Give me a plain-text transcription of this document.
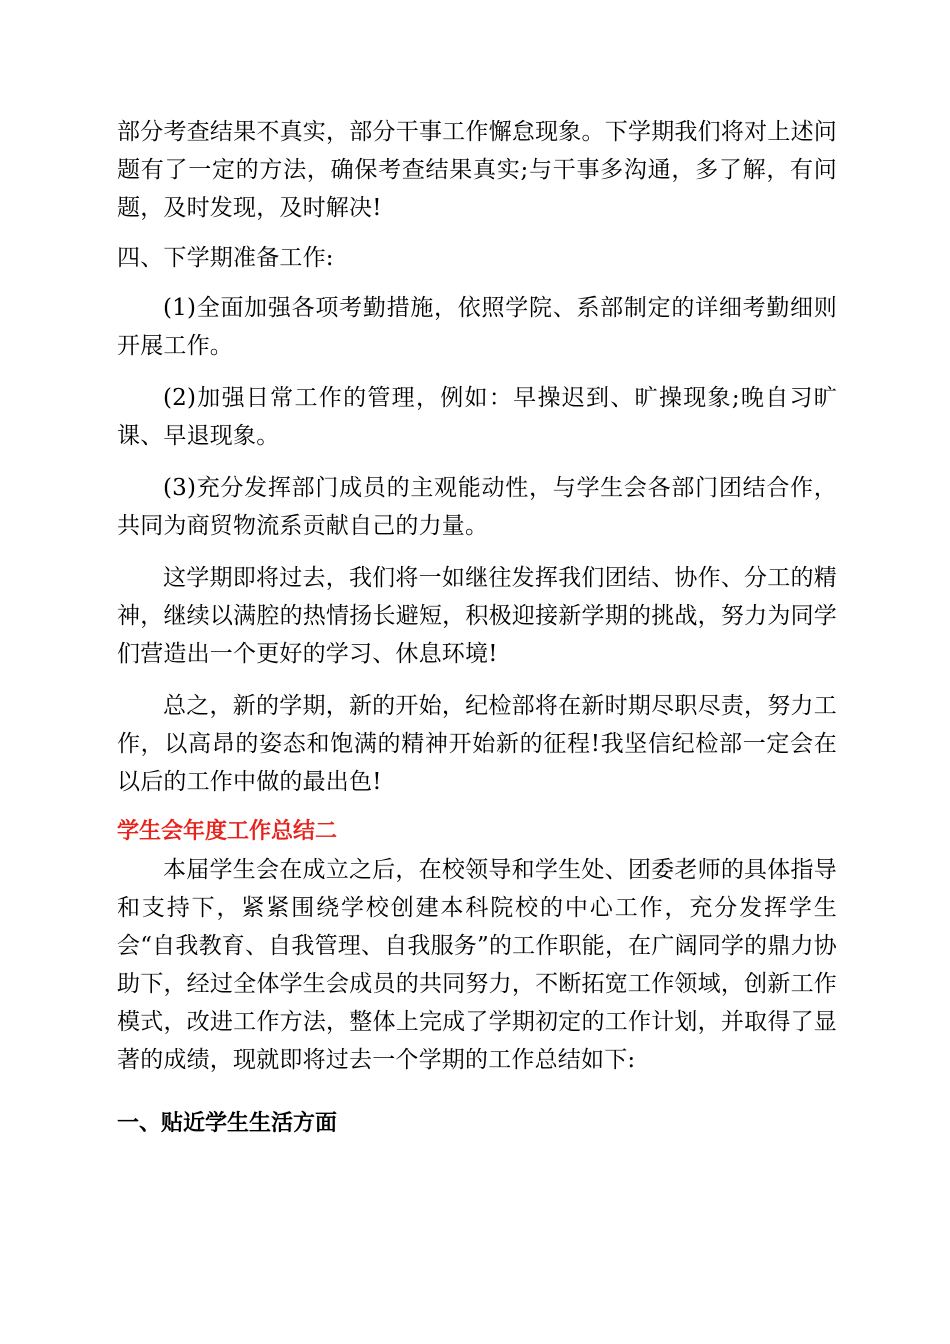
部分考查结果不真实，部分干事工作懈怠现象。下学期我们将对上述问题有了一定的方法，确保考查结果真实;与干事多沟通，多了解，有问题，及时发现，及时解决!

四、下学期准备工作:

(1)全面加强各项考勤措施，依照学院、系部制定的详细考勤细则开展工作。

(2)加强日常工作的管理，例如：早操迟到、旷操现象;晚自习旷课、早退现象。

(3)充分发挥部门成员的主观能动性，与学生会各部门团结合作，共同为商贸物流系贡献自己的力量。

这学期即将过去，我们将一如继往发挥我们团结、协作、分工的精神，继续以满腔的热情扬长避短，积极迎接新学期的挑战，努力为同学们营造出一个更好的学习、休息环境!

总之，新的学期，新的开始，纪检部将在新时期尽职尽责，努力工作，以高昂的姿态和饱满的精神开始新的征程!我坚信纪检部一定会在以后的工作中做的最出色!

学生会年度工作总结二

本届学生会在成立之后，在校领导和学生处、团委老师的具体指导和支持下，紧紧围绕学校创建本科院校的中心工作，充分发挥学生会“自我教育、自我管理、自我服务”的工作职能，在广阔同学的鼎力协助下，经过全体学生会成员的共同努力，不断拓宽工作领域，创新工作模式，改进工作方法，整体上完成了学期初定的工作计划，并取得了显著的成绩，现就即将过去一个学期的工作总结如下:

一、贴近学生生活方面
